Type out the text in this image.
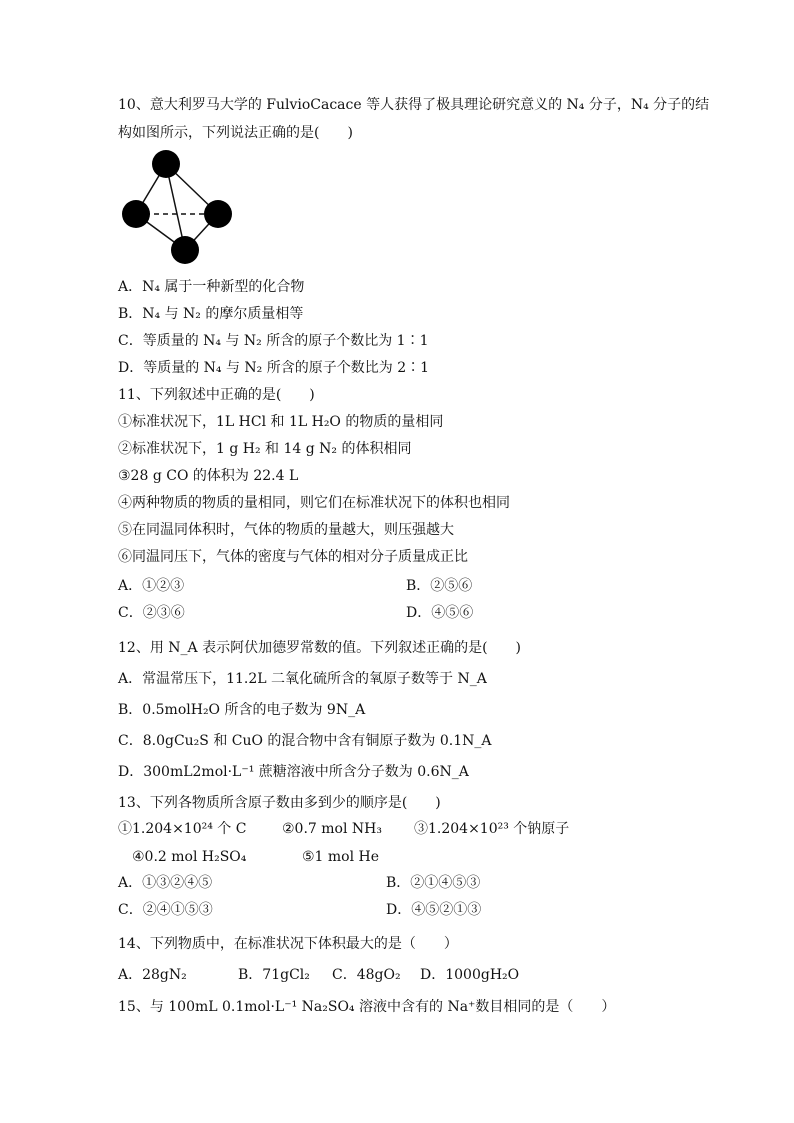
10、意大利罗马大学的 FulvioCacace 等人获得了极具理论研究意义的 N₄ 分子，N₄ 分子的结
构如图所示，下列说法正确的是(　　)
A．N₄ 属于一种新型的化合物
B．N₄ 与 N₂ 的摩尔质量相等
C．等质量的 N₄ 与 N₂ 所含的原子个数比为 1∶1
D．等质量的 N₄ 与 N₂ 所含的原子个数比为 2∶1
11、下列叙述中正确的是(　　)
①标准状况下，1L HCl 和 1L H₂O 的物质的量相同
②标准状况下，1 g H₂ 和 14 g N₂ 的体积相同
③28 g CO 的体积为 22.4 L
④两种物质的物质的量相同，则它们在标准状况下的体积也相同
⑤在同温同体积时，气体的物质的量越大，则压强越大
⑥同温同压下，气体的密度与气体的相对分子质量成正比
A．①②③	B．②⑤⑥
C．②③⑥	D．④⑤⑥
12、用 N_A 表示阿伏加德罗常数的值。下列叙述正确的是(　　)
A．常温常压下，11.2L 二氧化硫所含的氧原子数等于 N_A
B．0.5molH₂O 所含的电子数为 9N_A
C．8.0gCu₂S 和 CuO 的混合物中含有铜原子数为 0.1N_A
D．300mL2mol·L⁻¹ 蔗糖溶液中所含分子数为 0.6N_A
13、下列各物质所含原子数由多到少的顺序是(　　)
①1.204×10²⁴ 个 C	②0.7 mol NH₃ ③1.204×10²³ 个钠原子
④0.2 mol H₂SO₄	⑤1 mol He
A．①③②④⑤	B．②①④⑤③
C．②④①⑤③	D．④⑤②①③
14、下列物质中，在标准状况下体积最大的是（　　）
A．28gN₂	B．71gCl₂ C．48gO₂ D．1000gH₂O
15、与 100mL 0.1mol·L⁻¹ Na₂SO₄ 溶液中含有的 Na⁺数目相同的是（　　）
